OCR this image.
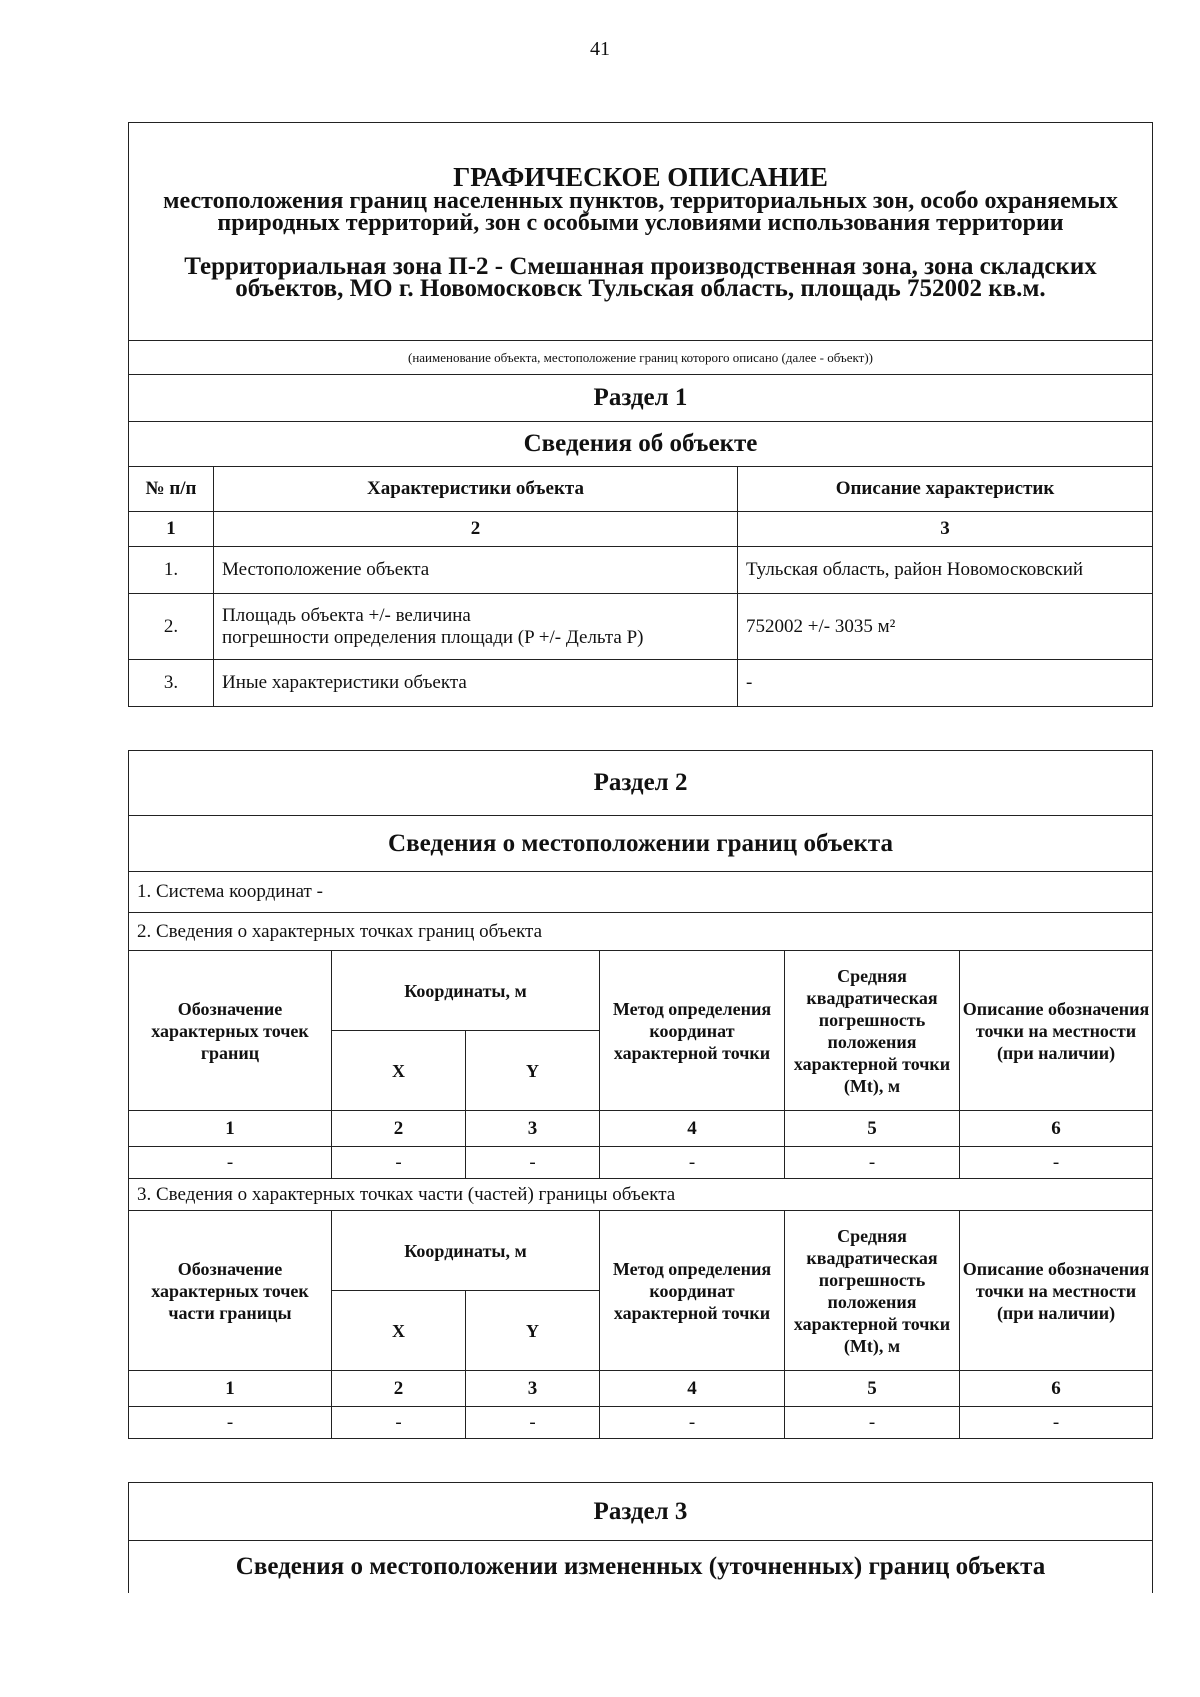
41
ГРАФИЧЕСКОЕ ОПИСАНИЕ
местоположения границ населенных пунктов, территориальных зон, особо охраняемых природных территорий, зон с особыми условиями использования территории
Территориальная зона П-2 - Смешанная производственная зона, зона складских объектов, МО г. Новомосковск Тульская область, площадь 752002 кв.м.		

(наименование объекта, местоположение границ которого описано (далее - объект))		
Раздел 1		
Сведения об объекте		
№ п/п	Характеристики объекта	Описание характеристик
1	2	3
1.	Местоположение объекта	Тульская область, район Новомосковский
2.	Площадь объекта +/- величина
погрешности определения площади (P +/- Дельта P)	752002 +/- 3035 м²
3.	Иные характеристики объекта	-
Раздел 2					
Сведения о местоположении границ объекта					
1. Система координат -					
2. Сведения о характерных точках границ объекта					
Обозначение характерных точек границ	Координаты, м		Метод определения координат характерной точки	Средняя квадратическая погрешность положения характерной точки (Mt), м	Описание обозначения точки на местности (при наличии)
	X	Y			
1	2	3	4	5	6
-	-	-	-	-	-
3. Сведения о характерных точках части (частей) границы объекта					
Обозначение характерных точек части границы	Координаты, м		Метод определения координат характерной точки	Средняя квадратическая погрешность положения характерной точки (Mt), м	Описание обозначения точки на местности (при наличии)
	X	Y			
1	2	3	4	5	6
-	-	-	-	-	-
Раздел 3
Сведения о местоположении измененных (уточненных) границ объекта
